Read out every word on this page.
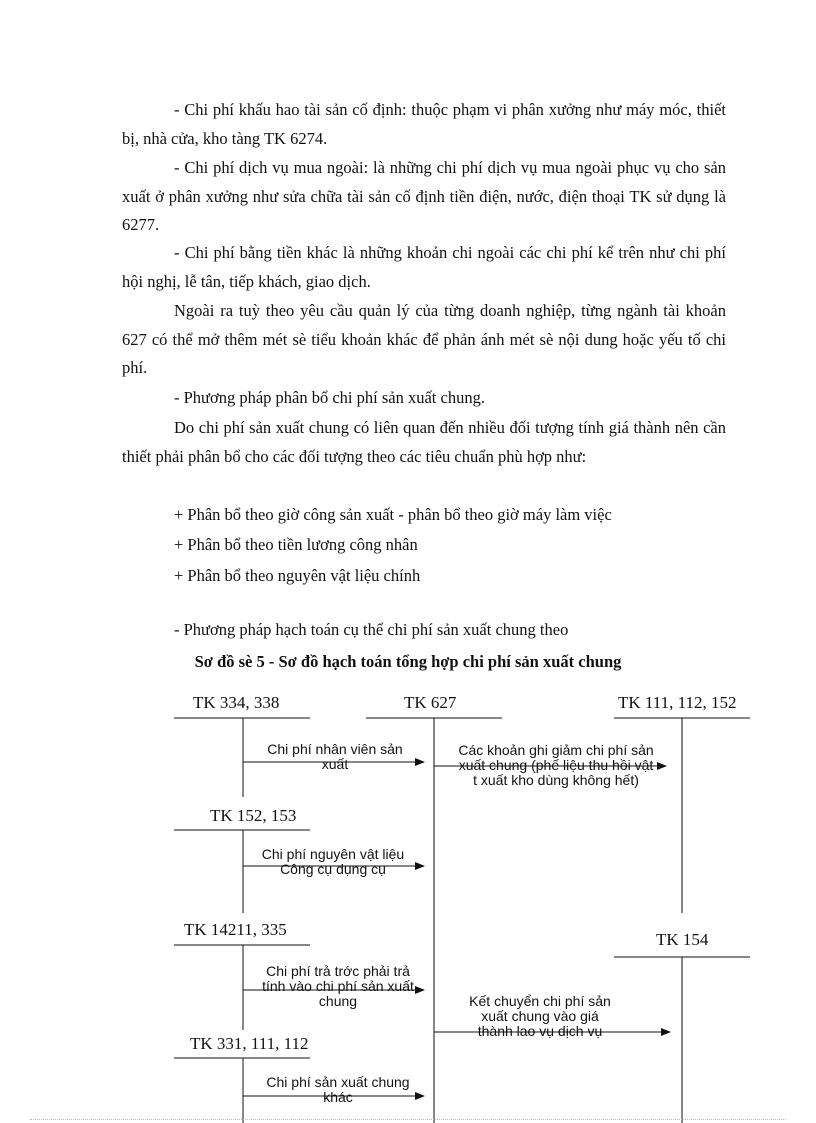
- Chi phí khấu hao tài sản cố định: thuộc phạm vi phân xưởng như máy móc, thiết bị, nhà cửa, kho tàng TK 6274.

- Chi phí dịch vụ mua ngoài: là những chi phí dịch vụ mua ngoài phục vụ cho sản xuất ở phân xưởng như sửa chữa tài sản cố định tiền điện, nước, điện thoại TK sử dụng là 6277.

- Chi phí bằng tiền khác là những khoản chi ngoài các chi phí kể trên như chi phí hội nghị, lễ tân, tiếp khách, giao dịch.

Ngoài ra tuỳ theo yêu cầu quản lý của từng doanh nghiệp, từng ngành tài khoản 627 có thể mở thêm mét sè tiểu khoản khác để phản ánh mét sè nội dung hoặc yếu tố chi phí.

- Phương pháp phân bổ chi phí sản xuất chung.

Do chi phí sản xuất chung có liên quan đến nhiều đối tượng tính giá thành nên cần thiết phải phân bổ cho các đối tượng theo các tiêu chuẩn phù hợp như:

+ Phân bổ theo giờ công sản xuất - phân bổ theo giờ máy làm việc

+ Phân bổ theo tiền lương công nhân

+ Phân bổ theo nguyên vật liệu chính

- Phương pháp hạch toán cụ thể chi phí sản xuất chung theo

Sơ đồ sè 5 - Sơ đồ hạch toán tổng hợp chi phí sản xuất chung
TK 334, 338	TK 627	TK 111, 112, 152
TK 152, 153
TK 14211, 335
TK 154
TK 331, 111, 112
Chi phí nhân viên sản
xuất
Các khoản ghi giảm chi phí sản
xuất chung (phế liệu thu hồi vật
t xuất kho dùng không hết)
Chi phí nguyên vật liệu
Công cụ dụng cụ
Chi phí trả trớc phải trả
tính vào chi phí sản xuất
chung	Kết chuyển chi phí sản
xuất chung vào giá
thành lao vụ dịch vụ
Chi phí sản xuất chung
khác
